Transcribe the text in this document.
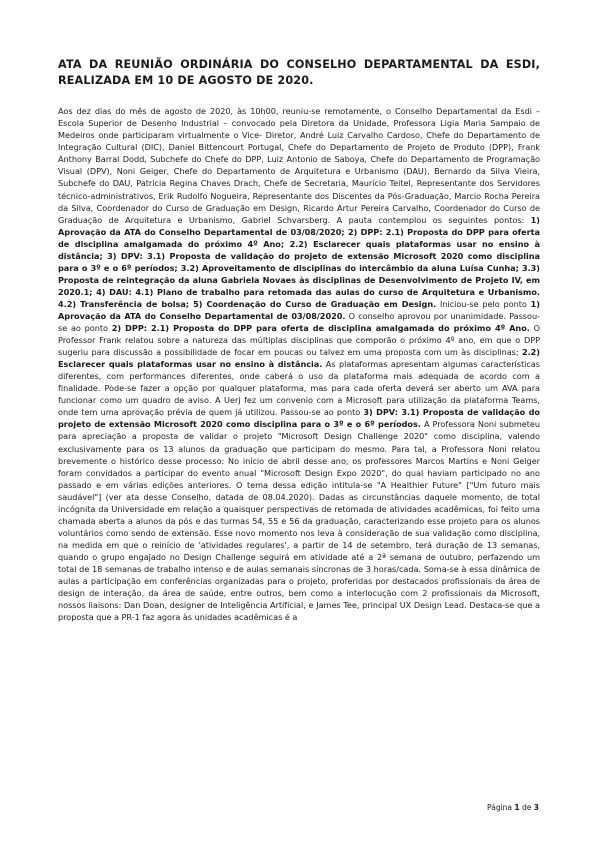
ATA DA REUNIÃO ORDINÁRIA DO CONSELHO DEPARTAMENTAL DA ESDI, REALIZADA EM 10 DE AGOSTO DE 2020.

Aos dez dias do mês de agosto de 2020, às 10h00, reuniu-se remotamente, o Conselho Departamental da Esdi – Escola Superior de Desenho Industrial – convocado pela Diretora da Unidade, Professora Ligia Maria Sampaio de Medeiros onde participaram virtualmente o Vice- Diretor, André Luiz Carvalho Cardoso, Chefe do Departamento de Integração Cultural (DIC), Daniel Bittencourt Portugal, Chefe do Departamento de Projeto de Produto (DPP), Frank Anthony Barral Dodd, Subchefe do Chefe do DPP, Luiz Antonio de Saboya, Chefe do Departamento de Programação Visual (DPV), Noni Geiger, Chefe do Departamento de Arquitetura e Urbanismo (DAU), Bernardo da Silva Vieira, Subchefe do DAU, Patricia Regina Chaves Drach, Chefe de Secretaria, Maurício Teitel, Representante dos Servidores técnico-administrativos, Erik Rudolfo Nogueira, Representante dos Discentes da Pós-Graduação, Marcio Rocha Pereira da Silva, Coordenador do Curso de Graduação em Design, Ricardo Artur Pereira Carvalho, Coordenador do Curso de Graduação de Arquitetura e Urbanismo, Gabriel Schvarsberg. A pauta contemplou os seguintes pontos: 1) Aprovação da ATA do Conselho Departamental de 03/08/2020; 2) DPP: 2.1) Proposta do DPP para oferta de disciplina amalgamada do próximo 4º Ano; 2.2) Esclarecer quais plataformas usar no ensino à distância; 3) DPV: 3.1) Proposta de validação do projeto de extensão Microsoft 2020 como disciplina para o 3º e o 6º períodos; 3.2) Aproveitamento de disciplinas do intercâmbio da aluna Luísa Cunha; 3.3) Proposta de reintegração da aluna Gabriela Novaes às disciplinas de Desenvolvimento de Projeto IV, em 2020.1; 4) DAU: 4.1) Plano de trabalho para retomada das aulas do curso de Arquitetura e Urbanismo. 4.2) Transferência de bolsa; 5) Coordenação do Curso de Graduação em Design. Iniciou-se pelo ponto 1) Aprovação da ATA do Conselho Departamental de 03/08/2020. O conselho aprovou por unanimidade. Passou-se ao ponto 2) DPP: 2.1) Proposta do DPP para oferta de disciplina amalgamada do próximo 4º Ano. O Professor Frank relatou sobre a natureza das múltiplas disciplinas que comporão o próximo 4º ano, em que o DPP sugeriu para discussão a possibilidade de focar em poucas ou talvez em uma proposta com um às disciplinas; 2.2) Esclarecer quais plataformas usar no ensino à distância. As plataformas apresentam algumas características diferentes, com performances diferentes, onde caberá o uso da plataforma mais adequada de acordo com a finalidade. Pode-se fazer a opção por qualquer plataforma, mas para cada oferta deverá ser aberto um AVA para funcionar como um quadro de aviso. A Uerj fez um convenio com a Microsoft para utilização da plataforma Teams, onde tem uma aprovação prévia de quem já utilizou. Passou-se ao ponto 3) DPV: 3.1) Proposta de validação do projeto de extensão Microsoft 2020 como disciplina para o 3º e o 6º períodos. A Professora Noni submeteu para apreciação a proposta de validar o projeto "Microsoft Design Challenge 2020" como disciplina, valendo exclusivamente para os 13 alunos da graduação que participam do mesmo. Para tal, a Professora Noni relatou brevemente o histórico desse processo: No início de abril desse ano, os professores Marcos Martins e Noni Geiger foram convidados a participar do evento anual "Microsoft Design Expo 2020", do qual haviam participado no ano passado e em várias edições anteriores. O tema dessa edição intitula-se "A Healthier Future" ["Um futuro mais saudável"] (ver ata desse Conselho, datada de 08.04.2020). Dadas as circunstâncias daquele momento, de total incógnita da Universidade em relação a quaisquer perspectivas de retomada de atividades acadêmicas, foi feito uma chamada aberta a alunos da pós e das turmas 54, 55 e 56 da graduação, caracterizando esse projeto para os alunos voluntários como sendo de extensão. Esse novo momento nos leva à consideração de sua validação como disciplina, na medida em que o reinício de 'atividades regulares', a partir de 14 de setembro, terá duração de 13 semanas, quando o grupo engajado no Design Challenge seguirá em atividade até a 2ª semana de outubro, perfazendo um total de 18 semanas de trabalho intenso e de aulas semanais síncronas de 3 horas/cada. Soma-se à essa dinâmica de aulas a participação em conferências organizadas para o projeto, proferidas por destacados profissionais da área de design de interação, da área de saúde, entre outros, bem como a interlocução com 2 profissionais da Microsoft, nossos liaisons: Dan Doan, designer de Inteligência Artificial, e James Tee, principal UX Design Lead. Destaca-se que a proposta que a PR-1 faz agora às unidades acadêmicas é a

Página 1 de 3
